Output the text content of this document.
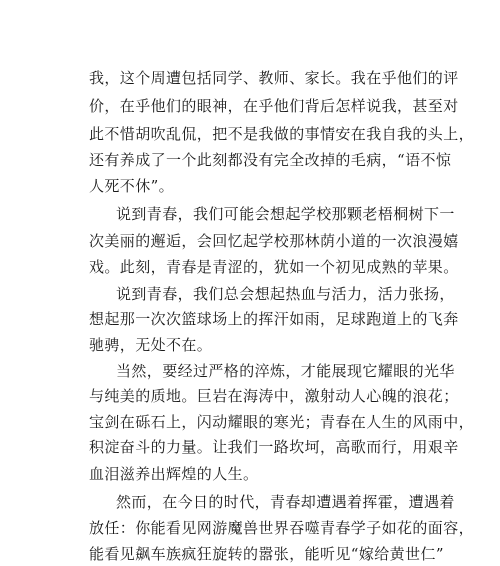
我，这个周遭包括同学、教师、家长。我在乎他们的评
价，在乎他们的眼神，在乎他们背后怎样说我，甚至对
此不惜胡吹乱侃，把不是我做的事情安在我自我的头上，
还有养成了一个此刻都没有完全改掉的毛病，“语不惊
人死不休”。
说到青春，我们可能会想起学校那颗老梧桐树下一
次美丽的邂逅，会回忆起学校那林荫小道的一次浪漫嬉
戏。此刻，青春是青涩的，犹如一个初见成熟的苹果。
说到青春，我们总会想起热血与活力，活力张扬，
想起那一次次篮球场上的挥汗如雨，足球跑道上的飞奔
驰骋，无处不在。
当然，要经过严格的淬炼，才能展现它耀眼的光华
与纯美的质地。巨岩在海涛中，激射动人心魄的浪花；
宝剑在砾石上，闪动耀眼的寒光；青春在人生的风雨中，
积淀奋斗的力量。让我们一路坎坷，高歌而行，用艰辛
血泪滋养出辉煌的人生。
然而，在今日的时代，青春却遭遇着挥霍，遭遇着
放任：你能看见网游魔兽世界吞噬青春学子如花的面容，
能看见飙车族疯狂旋转的嚣张，能听见“嫁给黄世仁”
